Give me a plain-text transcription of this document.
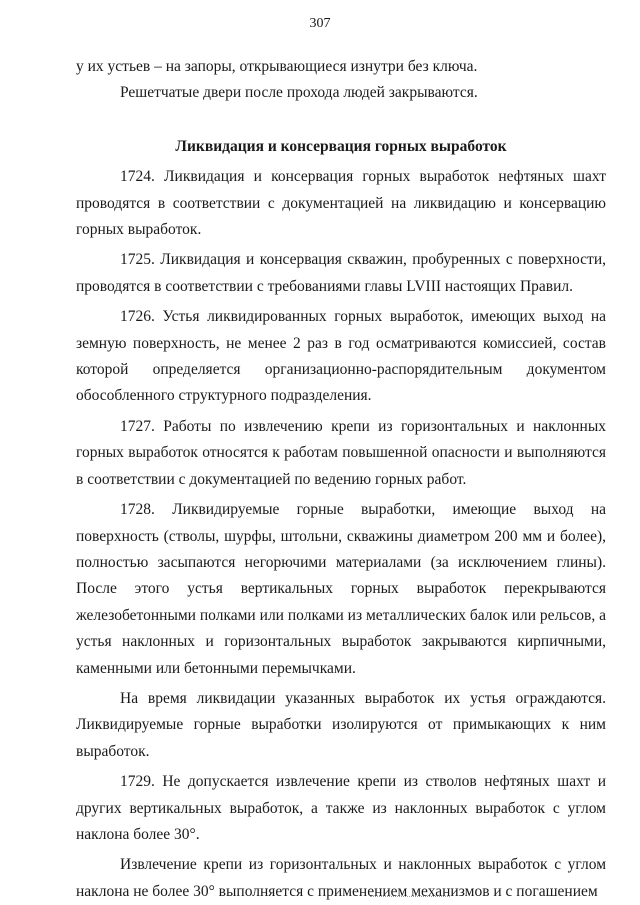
307

у их устьев – на запоры, открывающиеся изнутри без ключа.

Решетчатые двери после прохода людей закрываются.

Ликвидация и консервация горных выработок

1724. Ликвидация и консервация горных выработок нефтяных шахт проводятся в соответствии с документацией на ликвидацию и консервацию горных выработок.

1725. Ликвидация и консервация скважин, пробуренных с поверхности, проводятся в соответствии с требованиями главы LVIII настоящих Правил.

1726. Устья ликвидированных горных выработок, имеющих выход на земную поверхность, не менее 2 раз в год осматриваются комиссией, состав которой определяется организационно-распорядительным документом обособленного структурного подразделения.

1727. Работы по извлечению крепи из горизонтальных и наклонных горных выработок относятся к работам повышенной опасности и выполняются в соответствии с документацией по ведению горных работ.

1728. Ликвидируемые горные выработки, имеющие выход на поверхность (стволы, шурфы, штольни, скважины диаметром 200 мм и более), полностью засыпаются негорючими материалами (за исключением глины). После этого устья вертикальных горных выработок перекрываются железобетонными полками или полками из металлических балок или рельсов, а устья наклонных и горизонтальных выработок закрываются кирпичными, каменными или бетонными перемычками.

На время ликвидации указанных выработок их устья ограждаются. Ликвидируемые горные выработки изолируются от примыкающих к ним выработок.

1729. Не допускается извлечение крепи из стволов нефтяных шахт и других вертикальных выработок, а также из наклонных выработок с углом наклона более 30°.

Извлечение крепи из горизонтальных и наклонных выработок с углом наклона не более 30° выполняется с применением механизмов и с погашением
